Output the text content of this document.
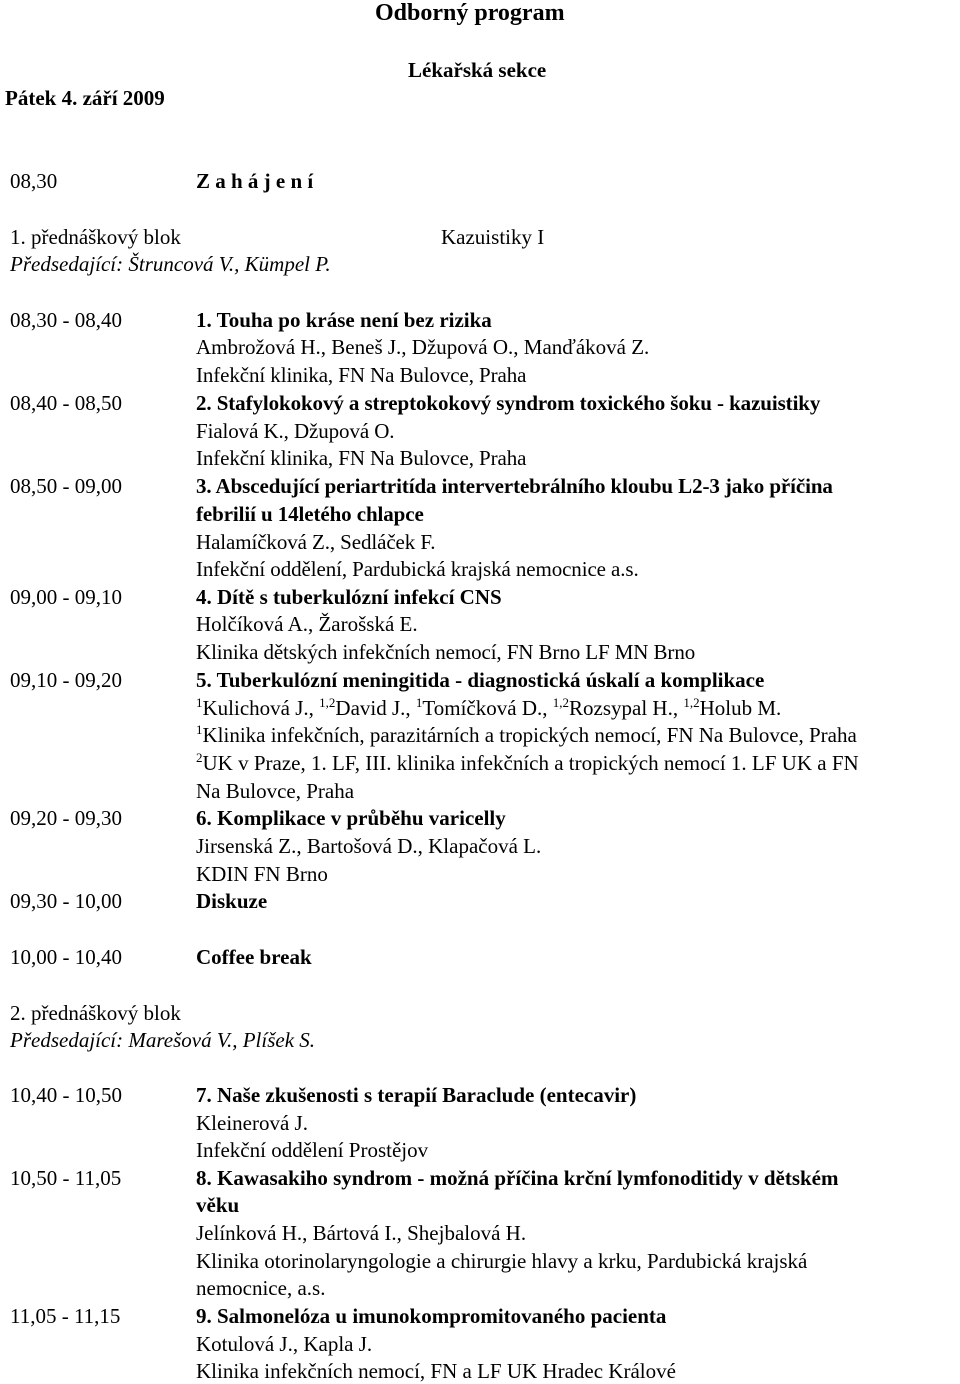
Odborný program
Lékařská sekce
Pátek 4. září 2009
08,30	Z a h á j e n í
1. přednáškový blok	Kazuistiky I
Předsedající: Štruncová V., Kümpel P.
08,30 - 08,40	1. Touha po kráse není bez rizika
Ambrožová H., Beneš J., Džupová O., Manďáková Z.
Infekční klinika, FN Na Bulovce, Praha
08,40 - 08,50	2. Stafylokokový a streptokokový syndrom toxického šoku - kazuistiky
Fialová K., Džupová O.
Infekční klinika, FN Na Bulovce, Praha
08,50 - 09,00	3. Abscedující periartritída intervertebrálního kloubu L2-3 jako příčina
febrilií u 14letého chlapce
Halamíčková Z., Sedláček F.
Infekční oddělení, Pardubická krajská nemocnice a.s.
09,00 - 09,10	4. Dítě s tuberkulózní infekcí CNS
Holčíková A., Žarošská E.
Klinika dětských infekčních nemocí, FN Brno LF MN Brno
09,10 - 09,20	5. Tuberkulózní meningitida - diagnostická úskalí a komplikace
$^1$Kulichová J., $^{1,2}$David J., $^1$Tomíčková D., $^{1,2}$Rozsypal H., $^{1,2}$Holub M.
$^1$Klinika infekčních, parazitárních a tropických nemocí, FN Na Bulovce, Praha
$^2$UK v Praze, 1. LF, III. klinika infekčních a tropických nemocí 1. LF UK a FN
Na Bulovce, Praha
09,20 - 09,30	6. Komplikace v průběhu varicelly
Jirsenská Z., Bartošová D., Klapačová L.
KDIN FN Brno
09,30 - 10,00	Diskuze
10,00 - 10,40	Coffee break
2. přednáškový blok
Předsedající: Marešová V., Plíšek S.
10,40 - 10,50	7. Naše zkušenosti s terapií Baraclude (entecavir)
Kleinerová J.
Infekční oddělení Prostějov
10,50 - 11,05	8. Kawasakiho syndrom - možná příčina krční lymfonoditidy v dětském
věku
Jelínková H., Bártová I., Shejbalová H.
Klinika otorinolaryngologie a chirurgie hlavy a krku, Pardubická krajská
nemocnice, a.s.
11,05 - 11,15	9. Salmonelóza u imunokompromitovaného pacienta
Kotulová J., Kapla J.
Klinika infekčních nemocí, FN a LF UK Hradec Králové
